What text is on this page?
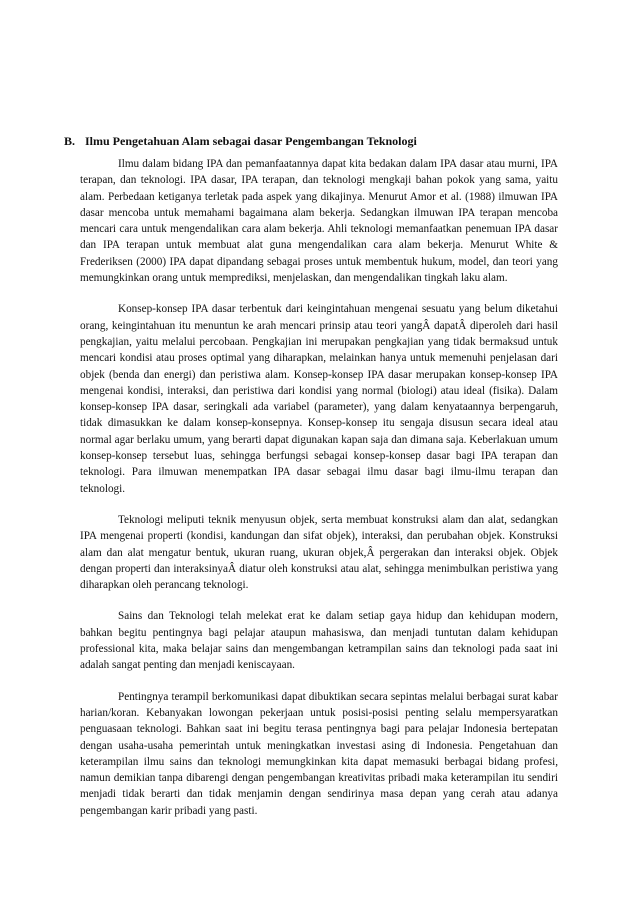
B. Ilmu Pengetahuan Alam sebagai dasar Pengembangan Teknologi

Ilmu dalam bidang IPA dan pemanfaatannya dapat kita bedakan dalam IPA dasar atau murni, IPA terapan, dan teknologi. IPA dasar, IPA terapan, dan teknologi mengkaji bahan pokok yang sama, yaitu alam. Perbedaan ketiganya terletak pada aspek yang dikajinya. Menurut Amor et al. (1988) ilmuwan IPA dasar mencoba untuk memahami bagaimana alam bekerja. Sedangkan ilmuwan IPA terapan mencoba mencari cara untuk mengendalikan cara alam bekerja. Ahli teknologi memanfaatkan penemuan IPA dasar dan IPA terapan untuk membuat alat guna mengendalikan cara alam bekerja. Menurut White & Frederiksen (2000) IPA dapat dipandang sebagai proses untuk membentuk hukum, model, dan teori yang memungkinkan orang untuk memprediksi, menjelaskan, dan mengendalikan tingkah laku alam.

Konsep-konsep IPA dasar terbentuk dari keingintahuan mengenai sesuatu yang belum diketahui orang, keingintahuan itu menuntun ke arah mencari prinsip atau teori yangÂ dapatÂ diperoleh dari hasil pengkajian, yaitu melalui percobaan. Pengkajian ini merupakan pengkajian yang tidak bermaksud untuk mencari kondisi atau proses optimal yang diharapkan, melainkan hanya untuk memenuhi penjelasan dari objek (benda dan energi) dan peristiwa alam. Konsep-konsep IPA dasar merupakan konsep-konsep IPA mengenai kondisi, interaksi, dan peristiwa dari kondisi yang normal (biologi) atau ideal (fisika). Dalam konsep-konsep IPA dasar, seringkali ada variabel (parameter), yang dalam kenyataannya berpengaruh, tidak dimasukkan ke dalam konsep-konsepnya. Konsep-konsep itu sengaja disusun secara ideal atau normal agar berlaku umum, yang berarti dapat digunakan kapan saja dan dimana saja. Keberlakuan umum konsep-konsep tersebut luas, sehingga berfungsi sebagai konsep-konsep dasar bagi IPA terapan dan teknologi. Para ilmuwan menempatkan IPA dasar sebagai ilmu dasar bagi ilmu-ilmu terapan dan teknologi.

Teknologi meliputi teknik menyusun objek, serta membuat konstruksi alam dan alat, sedangkan IPA mengenai properti (kondisi, kandungan dan sifat objek), interaksi, dan perubahan objek. Konstruksi alam dan alat mengatur bentuk, ukuran ruang, ukuran objek,Â pergerakan dan interaksi objek. Objek dengan properti dan interaksinyaÂ diatur oleh konstruksi atau alat, sehingga menimbulkan peristiwa yang diharapkan oleh perancang teknologi.

Sains dan Teknologi telah melekat erat ke dalam setiap gaya hidup dan kehidupan modern, bahkan begitu pentingnya bagi pelajar ataupun mahasiswa, dan menjadi tuntutan dalam kehidupan professional kita, maka belajar sains dan mengembangan ketrampilan sains dan teknologi pada saat ini adalah sangat penting dan menjadi keniscayaan.

Pentingnya terampil berkomunikasi dapat dibuktikan secara sepintas melalui berbagai surat kabar harian/koran. Kebanyakan lowongan pekerjaan untuk posisi-posisi penting selalu mempersyaratkan penguasaan teknologi. Bahkan saat ini begitu terasa pentingnya bagi para pelajar Indonesia bertepatan dengan usaha-usaha pemerintah untuk meningkatkan investasi asing di Indonesia. Pengetahuan dan keterampilan ilmu sains dan teknologi memungkinkan kita dapat memasuki berbagai bidang profesi, namun demikian tanpa dibarengi dengan pengembangan kreativitas pribadi maka keterampilan itu sendiri menjadi tidak berarti dan tidak menjamin dengan sendirinya masa depan yang cerah atau adanya pengembangan karir pribadi yang pasti.
